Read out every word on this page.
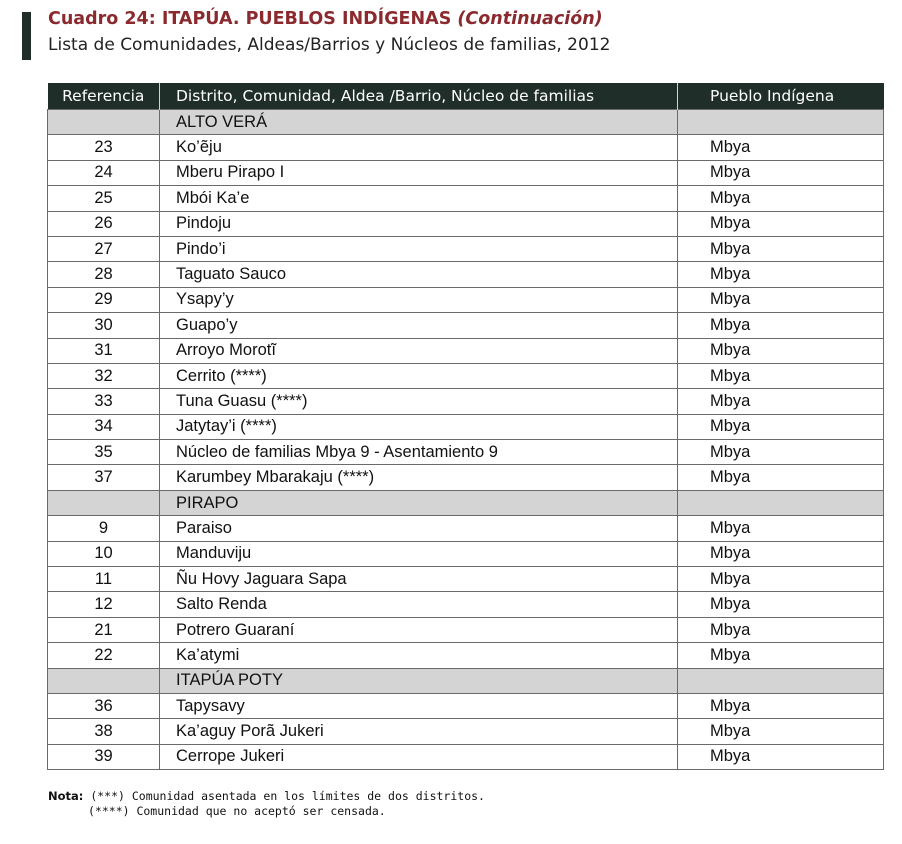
Cuadro 24: ITAPÚA. PUEBLOS INDÍGENAS (Continuación)
Lista de Comunidades, Aldeas/Barrios y Núcleos de familias, 2012
Referencia	Distrito, Comunidad, Aldea /Barrio, Núcleo de familias	Pueblo Indígena
	ALTO VERÁ	
23	Ko’ẽju	Mbya
24	Mberu Pirapo I	Mbya
25	Mbói Ka’e	Mbya
26	Pindoju	Mbya
27	Pindo’i	Mbya
28	Taguato Sauco	Mbya
29	Ysapy’y	Mbya
30	Guapo’y	Mbya
31	Arroyo Morotĩ	Mbya
32	Cerrito (****)	Mbya
33	Tuna Guasu (****)	Mbya
34	Jatytay’i (****)	Mbya
35	Núcleo de familias Mbya 9 - Asentamiento 9	Mbya
37	Karumbey Mbarakaju (****)	Mbya
	PIRAPO	
9	Paraiso	Mbya
10	Manduviju	Mbya
11	Ñu Hovy Jaguara Sapa	Mbya
12	Salto Renda	Mbya
21	Potrero Guaraní	Mbya
22	Ka’atymi	Mbya
	ITAPÚA POTY	
36	Tapysavy	Mbya
38	Ka’aguy Porã Jukeri	Mbya
39	Cerrope Jukeri	Mbya
Nota: (***) Comunidad asentada en los límites de dos distritos.
(****) Comunidad que no aceptó ser censada.
